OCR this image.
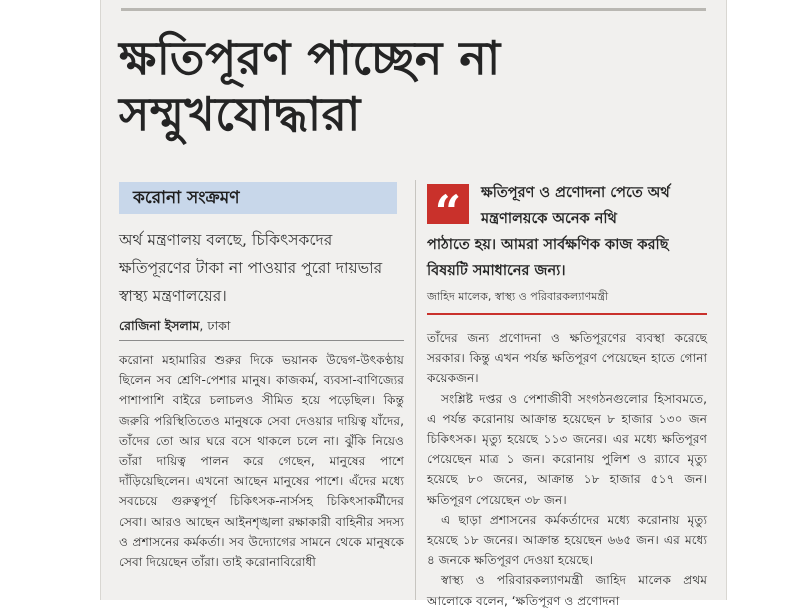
ক্ষতিপূরণ পাচ্ছেন না সম্মুখযোদ্ধারা
করোনা সংক্রমণ

অর্থ মন্ত্রণালয় বলছে, চিকিৎসকদের ক্ষতিপূরণের টাকা না পাওয়ার পুরো দায়ভার স্বাস্থ্য মন্ত্রণালয়ের।

রোজিনা ইসলাম, ঢাকা

করোনা মহামারির শুরুর দিকে ভয়ানক উদ্বেগ-উৎকণ্ঠায় ছিলেন সব শ্রেণি-পেশার মানুষ। কাজকর্ম, ব্যবসা-বাণিজ্যের পাশাপাশি বাইরে চলাচলও সীমিত হয়ে পড়েছিল। কিন্তু জরুরি পরিস্থিতিতেও মানুষকে সেবা দেওয়ার দায়িত্ব যাঁদের, তাঁদের তো আর ঘরে বসে থাকলে চলে না। ঝুঁকি নিয়েও তাঁরা দায়িত্ব পালন করে গেছেন, মানুষের পাশে দাঁড়িয়েছিলেন। এখনো আছেন মানুষের পাশে। এঁদের মধ্যে সবচেয়ে গুরুত্বপূর্ণ চিকিৎসক-নার্সসহ চিকিৎসাকর্মীদের সেবা। আরও আছেন আইনশৃঙ্খলা রক্ষাকারী বাহিনীর সদস্য ও প্রশাসনের কর্মকর্তা। সব উদ্যোগের সামনে থেকে মানুষকে সেবা দিয়েছেন তাঁরা। তাই করোনাবিরোধী

“	ক্ষতিপূরণ ও প্রণোদনা পেতে অর্থ মন্ত্রণালয়কে অনেক নথি

পাঠাতে হয়। আমরা সার্বক্ষণিক কাজ করছি বিষয়টি সমাধানের জন্য।

জাহিদ মালেক, স্বাস্থ্য ও পরিবারকল্যাণমন্ত্রী

তাঁদের জন্য প্রণোদনা ও ক্ষতিপূরণের ব্যবস্থা করেছে সরকার। কিন্তু এখন পর্যন্ত ক্ষতিপূরণ পেয়েছেন হাতে গোনা কয়েকজন।

সংশ্লিষ্ট দপ্তর ও পেশাজীবী সংগঠনগুলোর হিসাবমতে, এ পর্যন্ত করোনায় আক্রান্ত হয়েছেন ৮ হাজার ১৩০ জন চিকিৎসক। মৃত্যু হয়েছে ১১৩ জনের। এর মধ্যে ক্ষতিপূরণ পেয়েছেন মাত্র ১ জন। করোনায় পুলিশ ও র‌্যাবে মৃত্যু হয়েছে ৮০ জনের, আক্রান্ত ১৮ হাজার ৫১৭ জন। ক্ষতিপূরণ পেয়েছেন ৩৮ জন।

এ ছাড়া প্রশাসনের কর্মকর্তাদের মধ্যে করোনায় মৃত্যু হয়েছে ১৮ জনের। আক্রান্ত হয়েছেন ৬৬৫ জন। এর মধ্যে ৪ জনকে ক্ষতিপূরণ দেওয়া হয়েছে।

স্বাস্থ্য ও পরিবারকল্যাণমন্ত্রী জাহিদ মালেক প্রথম আলোকে বলেন, ‘ক্ষতিপূরণ ও প্রণোদনা
